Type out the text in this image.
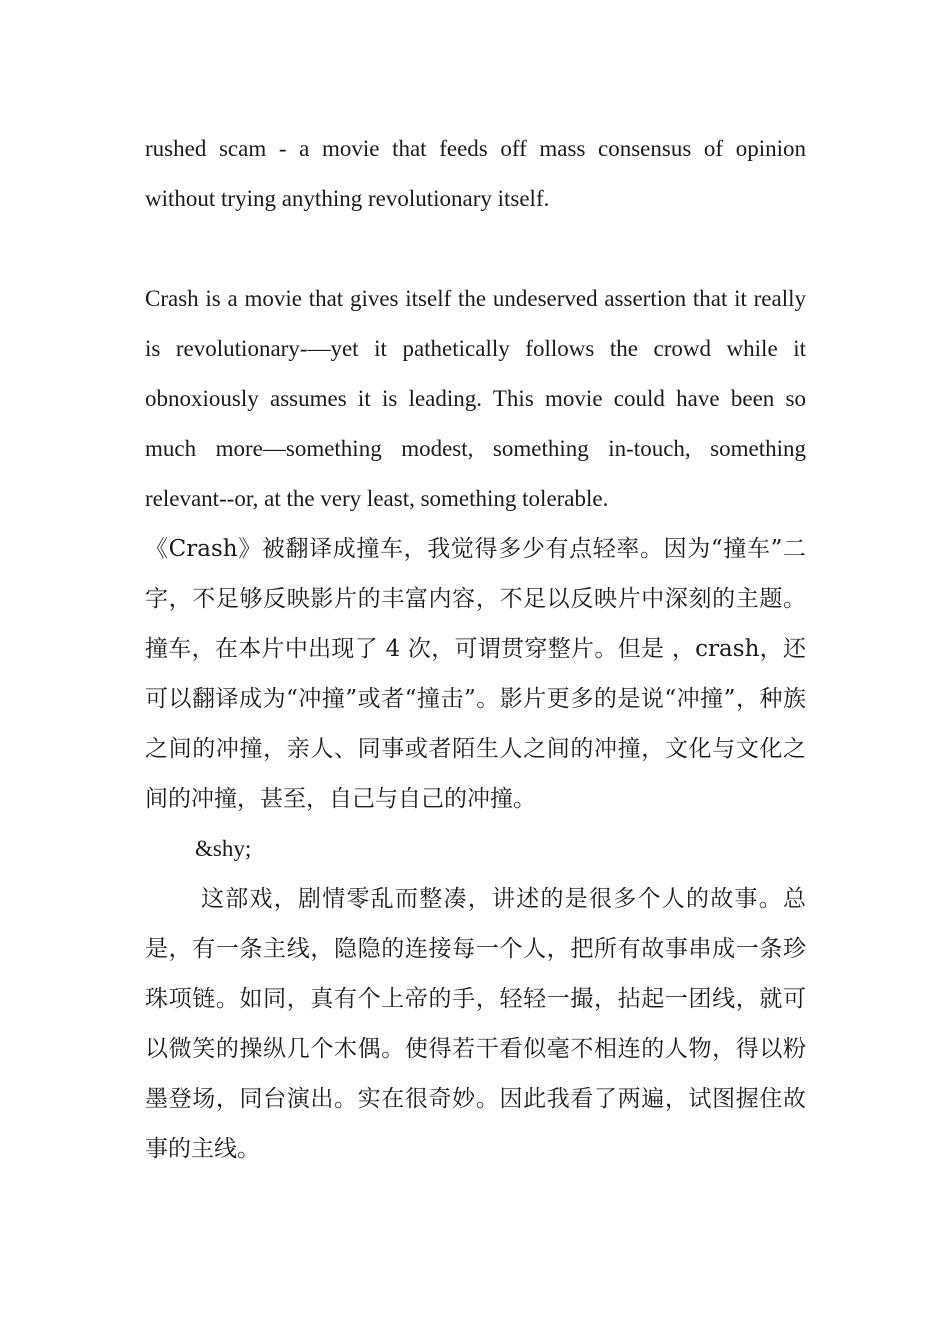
rushed scam - a movie that feeds off mass consensus of opinion without trying anything revolutionary itself.

Crash is a movie that gives itself the undeserved assertion that it really is revolutionary-—yet it pathetically follows the crowd while it obnoxiously assumes it is leading. This movie could have been so much more—something modest, something in-touch, something relevant--or, at the very least, something tolerable.

《Crash》被翻译成撞车，我觉得多少有点轻率。因为“撞车”二字，不足够反映影片的丰富内容，不足以反映片中深刻的主题。撞车，在本片中出现了 4 次，可谓贯穿整片。但是 ，crash，还可以翻译成为“冲撞”或者“撞击”。影片更多的是说“冲撞”，种族之间的冲撞，亲人、同事或者陌生人之间的冲撞，文化与文化之间的冲撞，甚至，自己与自己的冲撞。

&shy;

这部戏，剧情零乱而整凑，讲述的是很多个人的故事。总是，有一条主线，隐隐的连接每一个人，把所有故事串成一条珍珠项链。如同，真有个上帝的手，轻轻一撮，拈起一团线，就可以微笑的操纵几个木偶。使得若干看似毫不相连的人物，得以粉墨登场，同台演出。实在很奇妙。因此我看了两遍，试图握住故事的主线。
